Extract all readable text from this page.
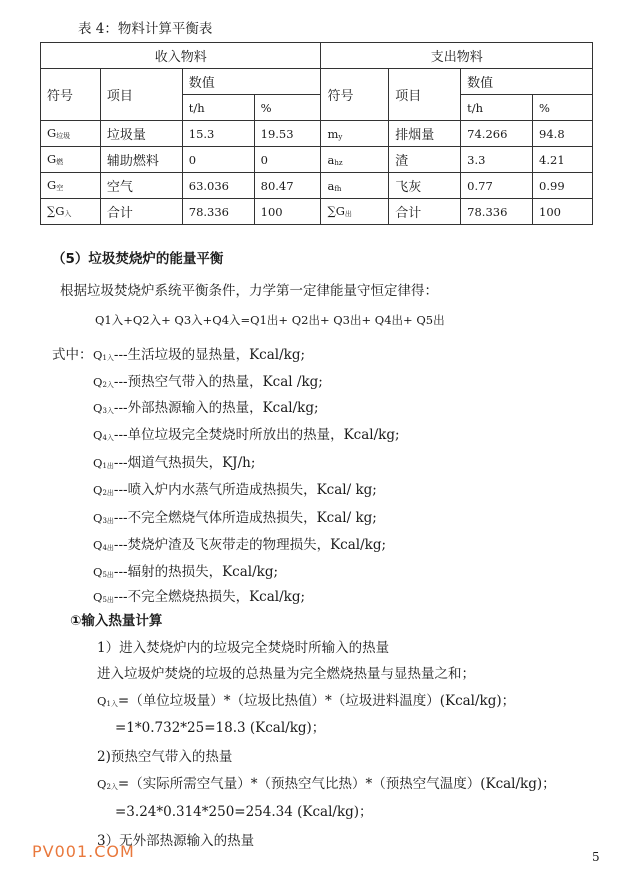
表 4：物料计算平衡表
收入物料				支出物料			
符号	项目	数值		符号	项目	数值	
		t/h	%			t/h	%
$G_{垃圾}$	垃圾量	15.3	19.53	$m_y$	排烟量	74.266	94.8
$G_燃$	辅助燃料	0	0	$a_{hz}$	渣	3.3	4.21
$G_空$	空气	63.036	80.47	$a_{fh}$	飞灰	0.77	0.99
$\sum G_入$	合计	78.336	100	$\sum G_出$	合计	78.336	100
（5）垃圾焚烧炉的能量平衡
根据垃圾焚烧炉系统平衡条件，力学第一定律能量守恒定律得：
Q1入+Q2入+ Q3入+Q4入=Q1出+ Q2出+ Q3出+ Q4出+ Q5出
式中： $Q_{1入}---$生活垃圾的显热量，Kcal/kg;
$Q_{2入}---$预热空气带入的热量，Kcal /kg;
$Q_{3入}---$外部热源输入的热量，Kcal/kg;
$Q_{4入}---$单位垃圾完全焚烧时所放出的热量，Kcal/kg;
$Q_{1出}---$烟道气热损失，KJ/h;
$Q_{2出}---$喷入炉内水蒸气所造成热损失，Kcal/ kg;
$Q_{3出}---$不完全燃烧气体所造成热损失，Kcal/ kg;
$Q_{4出}---$焚烧炉渣及飞灰带走的物理损失，Kcal/kg;
$Q_{5出}---$辐射的热损失，Kcal/kg;
$Q_{5出}---$不完全燃烧热损失，Kcal/kg;
①输入热量计算
1）进入焚烧炉内的垃圾完全焚烧时所输入的热量
进入垃圾炉焚烧的垃圾的总热量为完全燃烧热量与显热量之和；
$Q_{1入}=$（单位垃圾量）*（垃圾比热值）*（垃圾进料温度）(Kcal/kg)；
=1*0.732*25=18.3 (Kcal/kg)；
2)预热空气带入的热量
$Q_{2入}=$（实际所需空气量）*（预热空气比热）*（预热空气温度）(Kcal/kg)；
=3.24*0.314*250=254.34 (Kcal/kg)；
3）无外部热源输入的热量
PV001.COM	5
